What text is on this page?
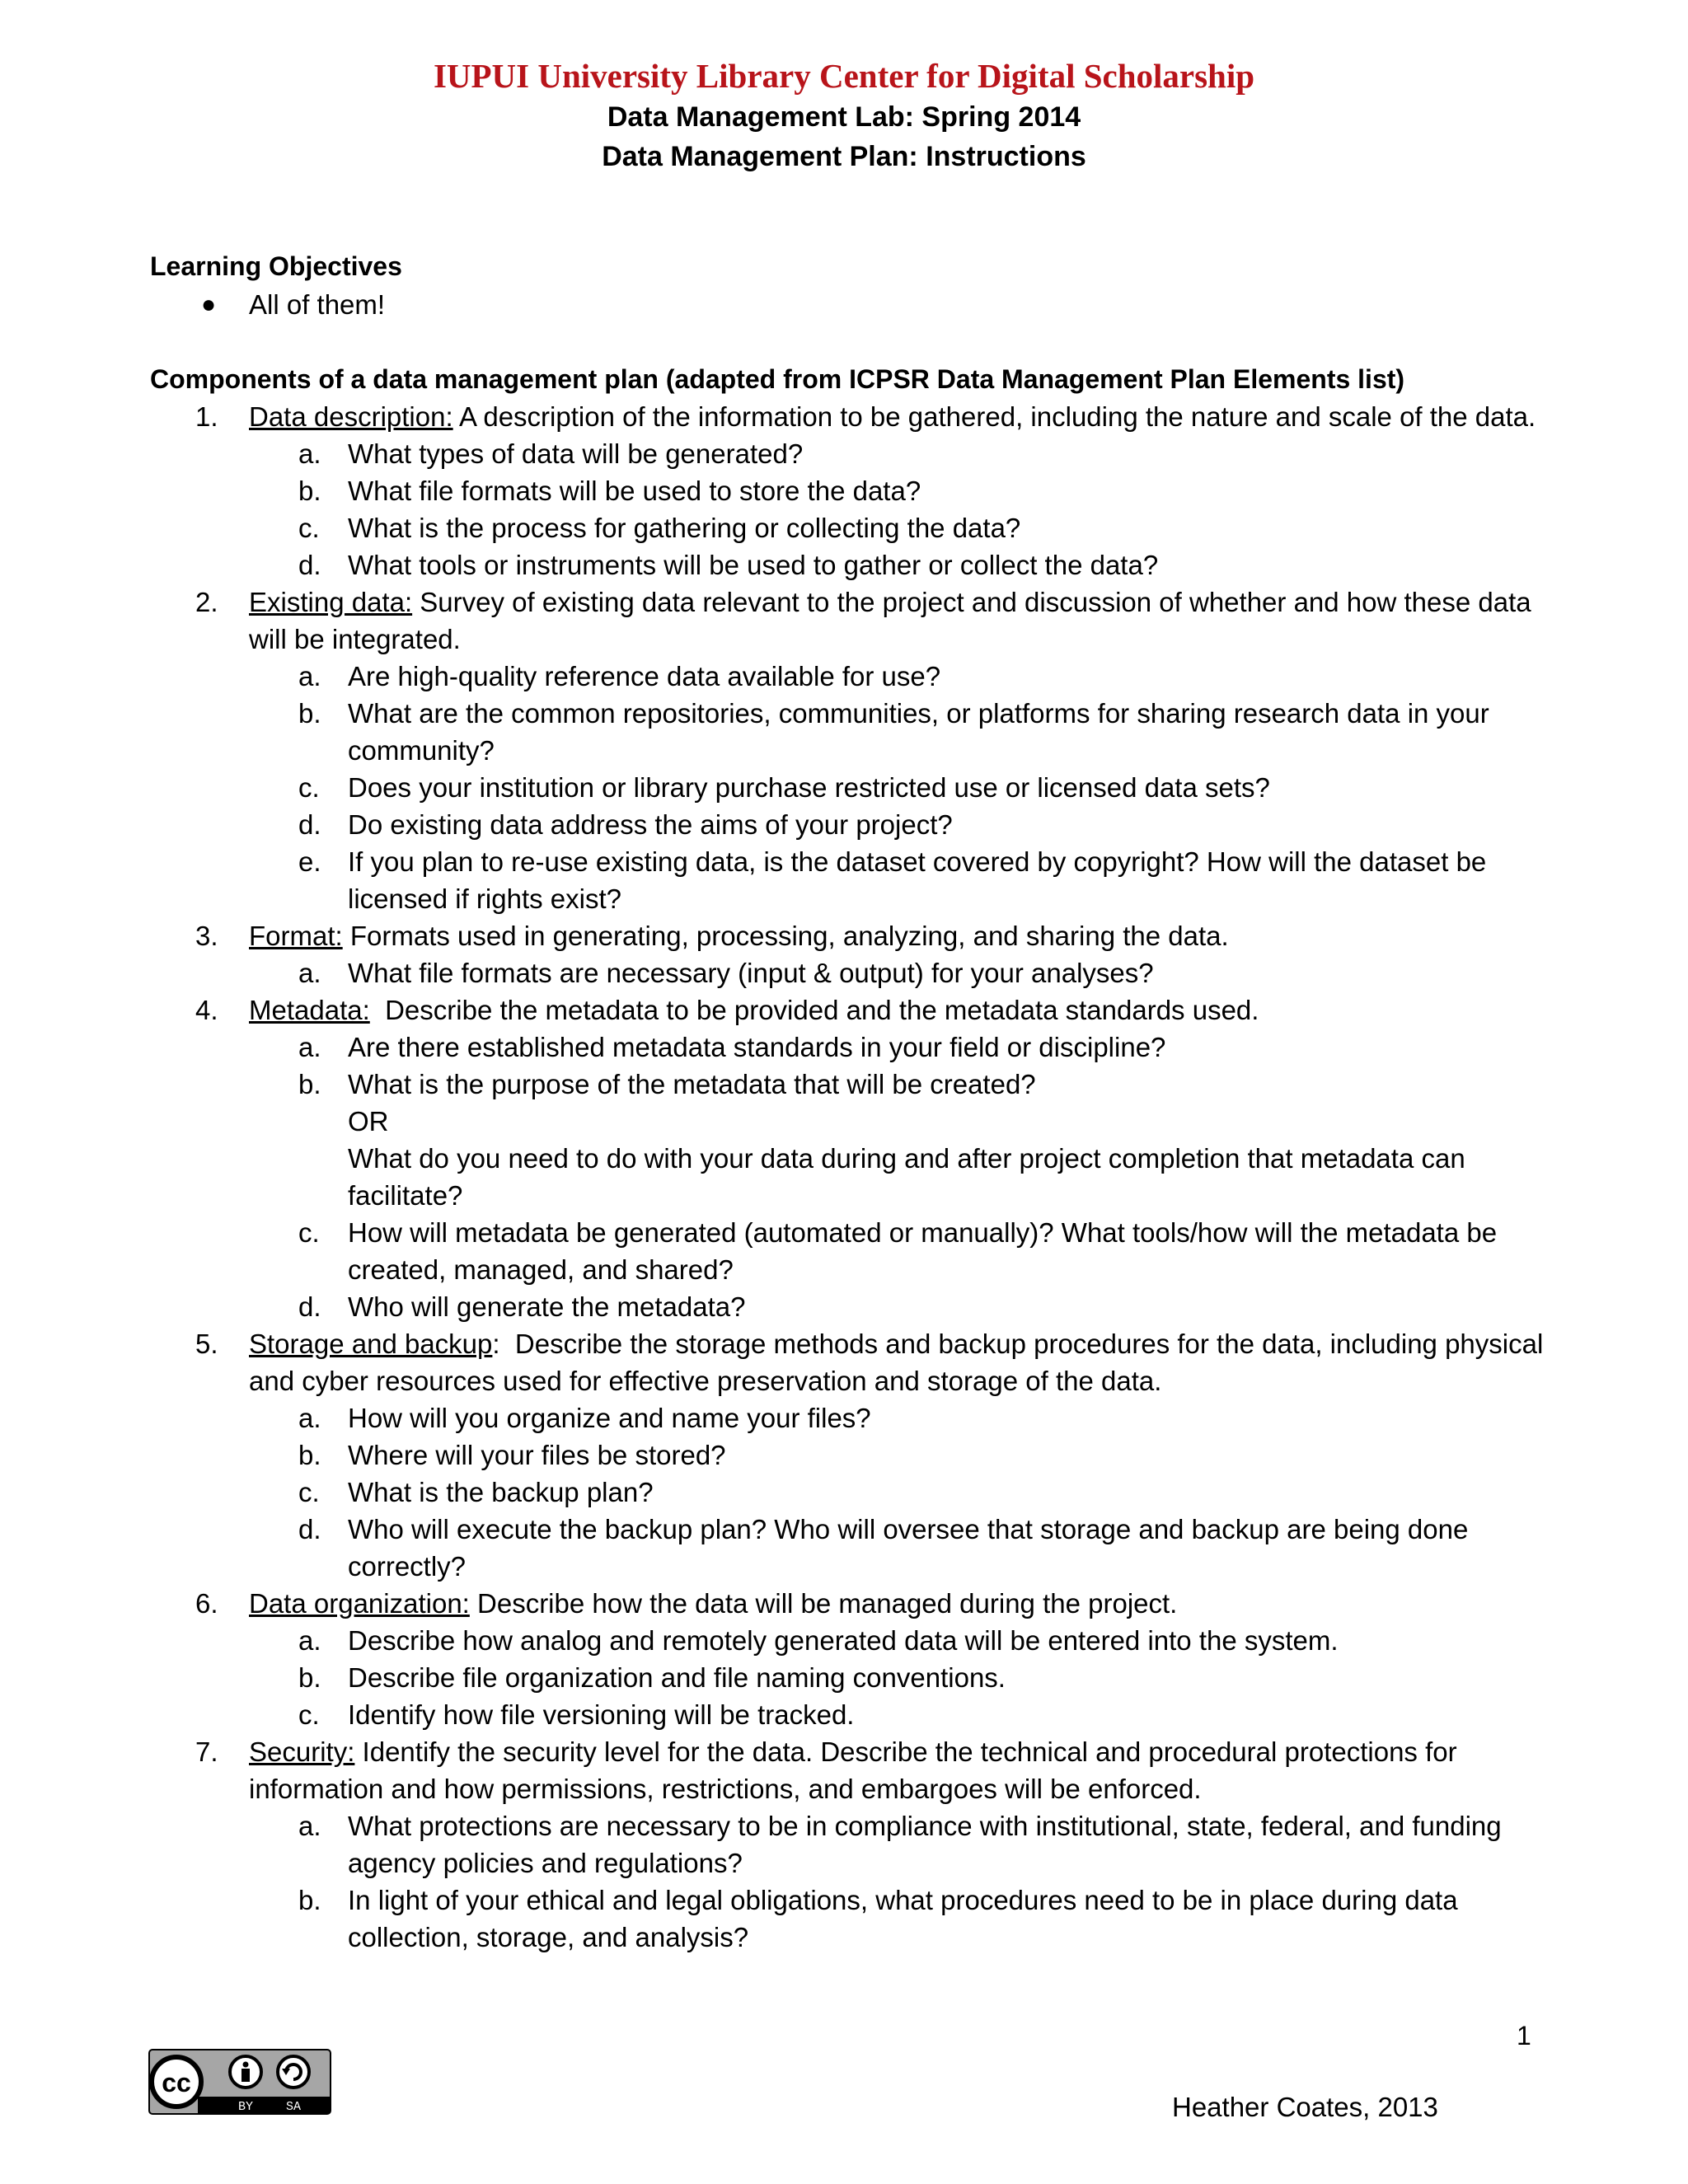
IUPUI University Library Center for Digital Scholarship
Data Management Lab: Spring 2014
Data Management Plan: Instructions
Learning Objectives
● All of them!
Components of a data management plan (adapted from ICPSR Data Management Plan Elements list)
1.	Data description: A description of the information to be gathered, including the nature and scale of the data.
a. What types of data will be generated?
b. What file formats will be used to store the data?
c.	What is the process for gathering or collecting the data?
d. What tools or instruments will be used to gather or collect the data?
2.	Existing data: Survey of existing data relevant to the project and discussion of whether and how these data will be integrated.
a. Are high-quality reference data available for use?
b. What are the common repositories, communities, or platforms for sharing research data in your community?
c.	Does your institution or library purchase restricted use or licensed data sets?
d. Do existing data address the aims of your project?
e. If you plan to re-use existing data, is the dataset covered by copyright? How will the dataset be licensed if rights exist?
3.	Format: Formats used in generating, processing, analyzing, and sharing the data.
a. What file formats are necessary (input & output) for your analyses?
4.	Metadata:  Describe the metadata to be provided and the metadata standards used.
a. Are there established metadata standards in your field or discipline?
b. What is the purpose of the metadata that will be created?
OR
What do you need to do with your data during and after project completion that metadata can facilitate?
c.	How will metadata be generated (automated or manually)? What tools/how will the metadata be created, managed, and shared?
d. Who will generate the metadata?
5.	Storage and backup:  Describe the storage methods and backup procedures for the data, including physical and cyber resources used for effective preservation and storage of the data.
a. How will you organize and name your files?
b. Where will your files be stored?
c.	What is the backup plan?
d. Who will execute the backup plan? Who will oversee that storage and backup are being done correctly?
6.	Data organization: Describe how the data will be managed during the project.
a. Describe how analog and remotely generated data will be entered into the system.
b. Describe file organization and file naming conventions.
c.	Identify how file versioning will be tracked.
7.	Security: Identify the security level for the data. Describe the technical and procedural protections for information and how permissions, restrictions, and embargoes will be enforced.
a. What protections are necessary to be in compliance with institutional, state, federal, and funding agency policies and regulations?
b. In light of your ethical and legal obligations, what procedures need to be in place during data collection, storage, and analysis?
1
cc
BY	SA	Heather Coates, 2013
